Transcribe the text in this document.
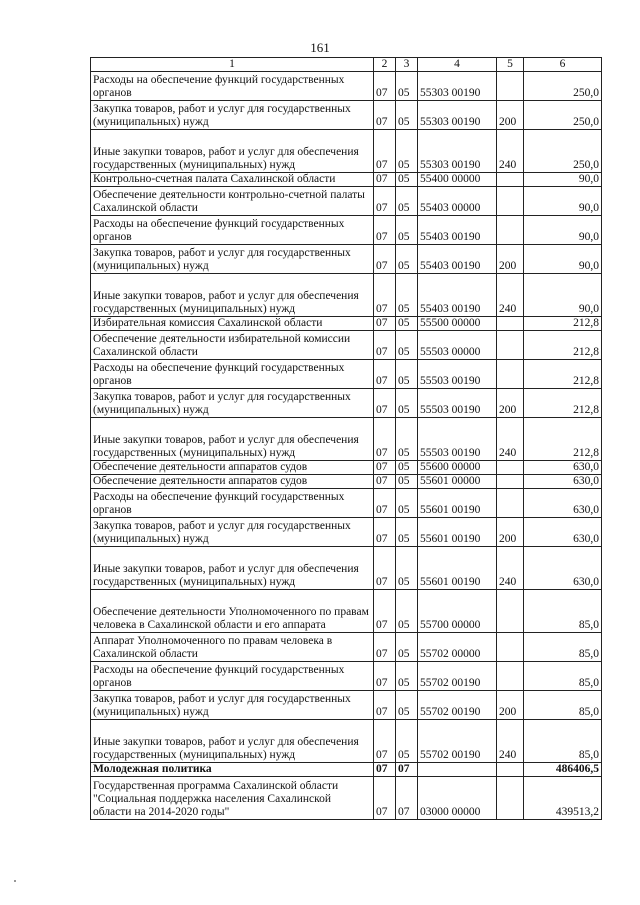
161
1	2	3	4	5	6
Расходы на обеспечение функций государственных органов	07	05	55303 00190		250,0
Закупка товаров, работ и услуг для государственных (муниципальных) нужд	07	05	55303 00190	200	250,0
Иные закупки товаров, работ и услуг для обеспечения государственных (муниципальных) нужд	07	05	55303 00190	240	250,0
Контрольно-счетная палата Сахалинской области	07	05	55400 00000		90,0
Обеспечение деятельности контрольно-счетной палаты Сахалинской области	07	05	55403 00000		90,0
Расходы на обеспечение функций государственных органов	07	05	55403 00190		90,0
Закупка товаров, работ и услуг для государственных (муниципальных) нужд	07	05	55403 00190	200	90,0
Иные закупки товаров, работ и услуг для обеспечения государственных (муниципальных) нужд	07	05	55403 00190	240	90,0
Избирательная комиссия Сахалинской области	07	05	55500 00000		212,8
Обеспечение деятельности избирательной комиссии Сахалинской области	07	05	55503 00000		212,8
Расходы на обеспечение функций государственных органов	07	05	55503 00190		212,8
Закупка товаров, работ и услуг для государственных (муниципальных) нужд	07	05	55503 00190	200	212,8
Иные закупки товаров, работ и услуг для обеспечения государственных (муниципальных) нужд	07	05	55503 00190	240	212,8
Обеспечение деятельности аппаратов судов	07	05	55600 00000		630,0
Обеспечение деятельности аппаратов судов	07	05	55601 00000		630,0
Расходы на обеспечение функций государственных органов	07	05	55601 00190		630,0
Закупка товаров, работ и услуг для государственных (муниципальных) нужд	07	05	55601 00190	200	630,0
Иные закупки товаров, работ и услуг для обеспечения государственных (муниципальных) нужд	07	05	55601 00190	240	630,0
Обеспечение деятельности Уполномоченного по правам человека в Сахалинской области и его аппарата	07	05	55700 00000		85,0
Аппарат Уполномоченного по правам человека в Сахалинской области	07	05	55702 00000		85,0
Расходы на обеспечение функций государственных органов	07	05	55702 00190		85,0
Закупка товаров, работ и услуг для государственных (муниципальных) нужд	07	05	55702 00190	200	85,0
Иные закупки товаров, работ и услуг для обеспечения государственных (муниципальных) нужд	07	05	55702 00190	240	85,0
Молодежная политика	07	07			486406,5
Государственная программа Сахалинской области "Социальная поддержка населения Сахалинской области на 2014-2020 годы"	07	07	03000 00000		439513,2
